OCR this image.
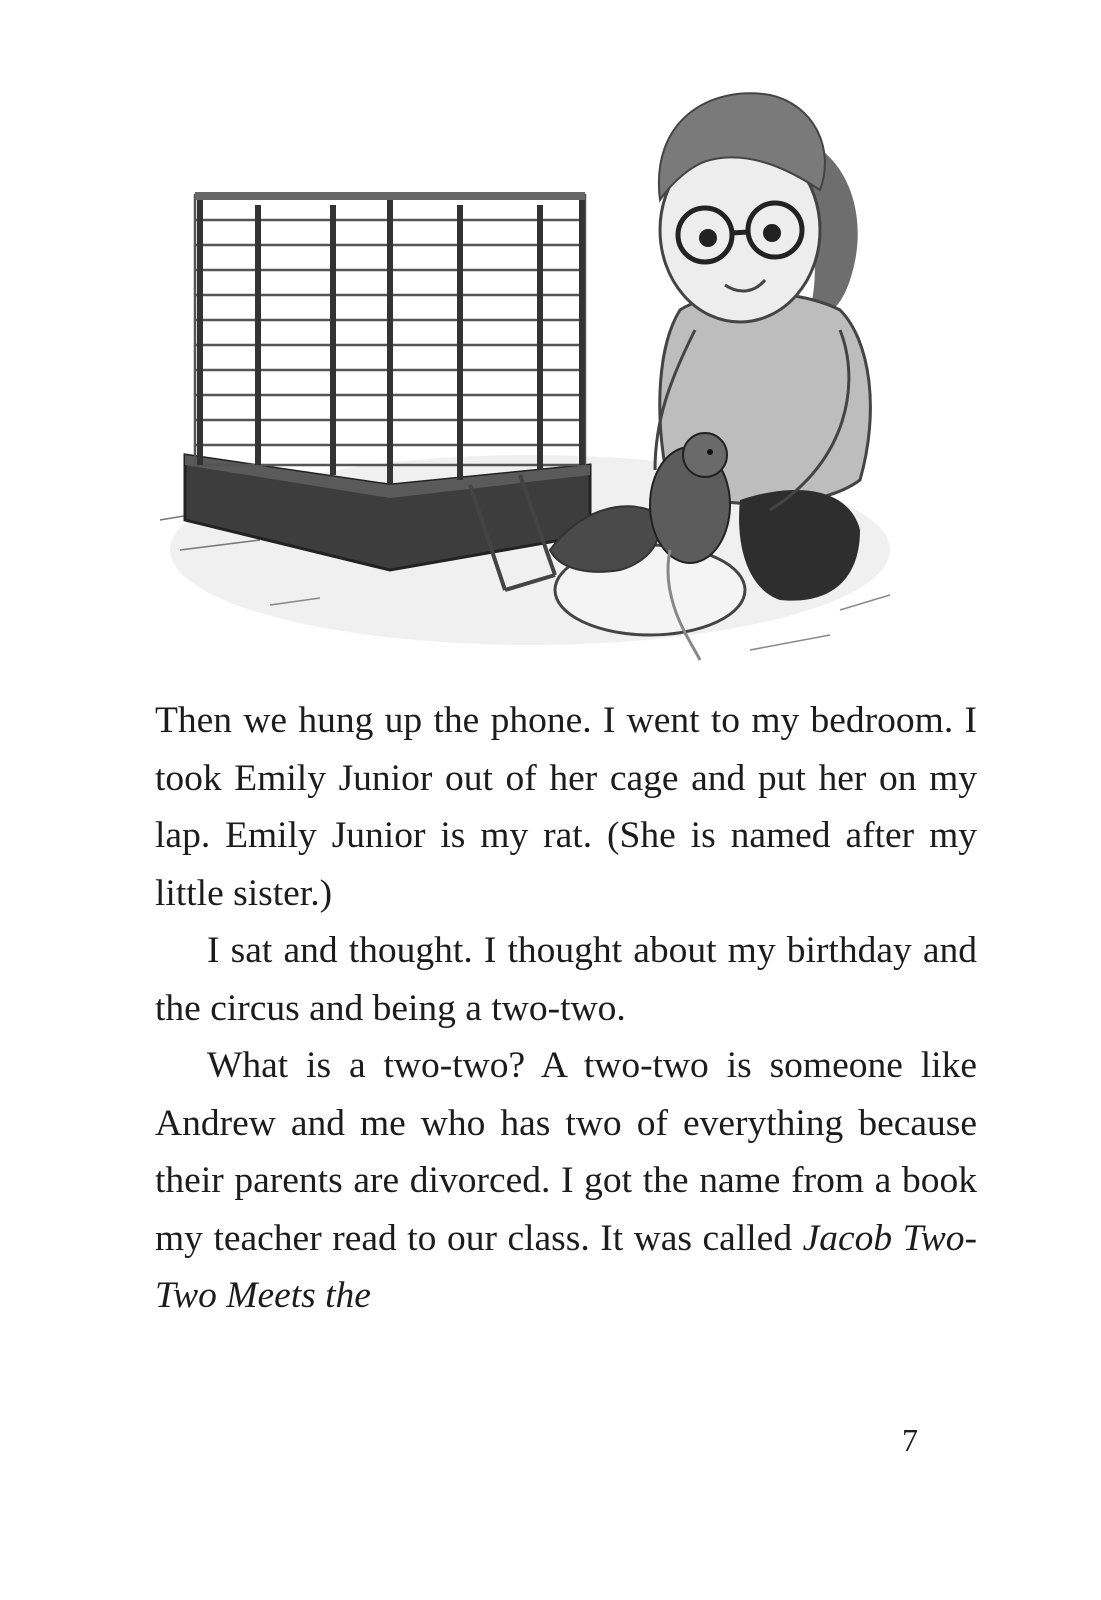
Then we hung up the phone. I went to my bedroom. I took Emily Junior out of her cage and put her on my lap. Emily Junior is my rat. (She is named after my little sister.)

I sat and thought. I thought about my birthday and the circus and being a two-two.

What is a two-two? A two-two is someone like Andrew and me who has two of everything because their parents are divorced. I got the name from a book my teacher read to our class. It was called Jacob Two-Two Meets the

7
